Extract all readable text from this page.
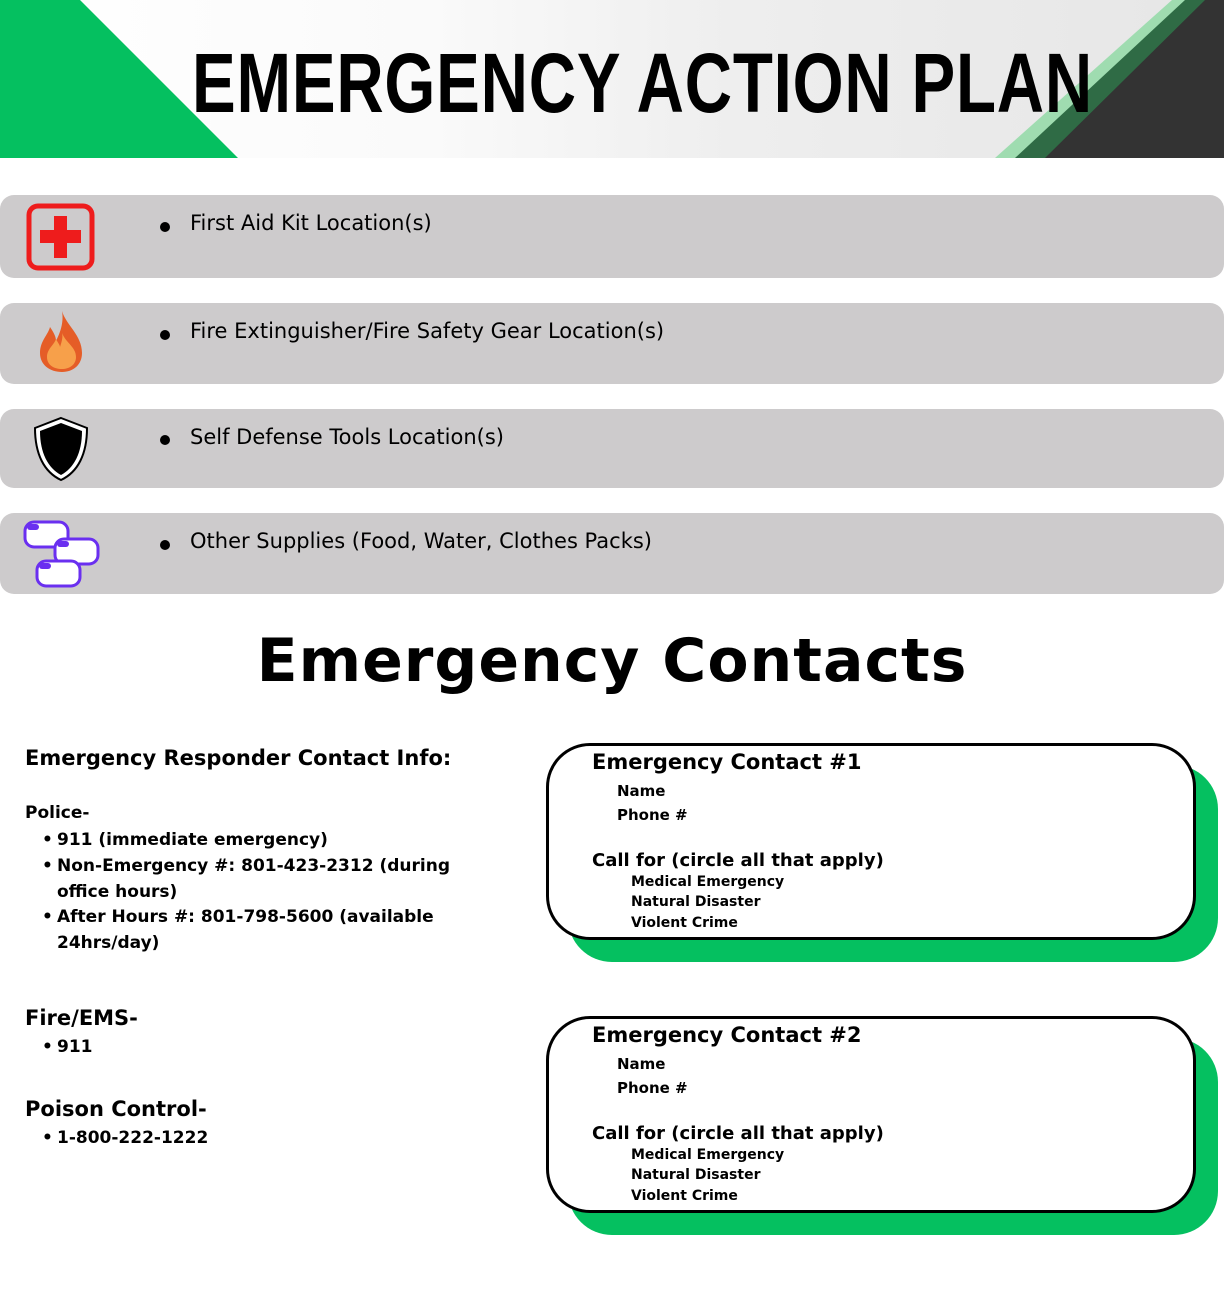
EMERGENCY ACTION PLAN
First Aid Kit Location(s)
Fire Extinguisher/Fire Safety Gear Location(s)
Self Defense Tools Location(s)
Other Supplies (Food, Water, Clothes Packs)
Emergency Contacts
Emergency Responder Contact Info:
Police-
• 911 (immediate emergency)
• Non-Emergency #: 801-423-2312 (during
office hours)
• After Hours #: 801-798-5600 (available
24hrs/day)
Fire/EMS-
• 911
Poison Control-
• 1-800-222-1222
Emergency Contact #1
Name
Phone #
Call for (circle all that apply)
Medical Emergency
Natural Disaster
Violent Crime
Emergency Contact #2
Name
Phone #
Call for (circle all that apply)
Medical Emergency
Natural Disaster
Violent Crime
